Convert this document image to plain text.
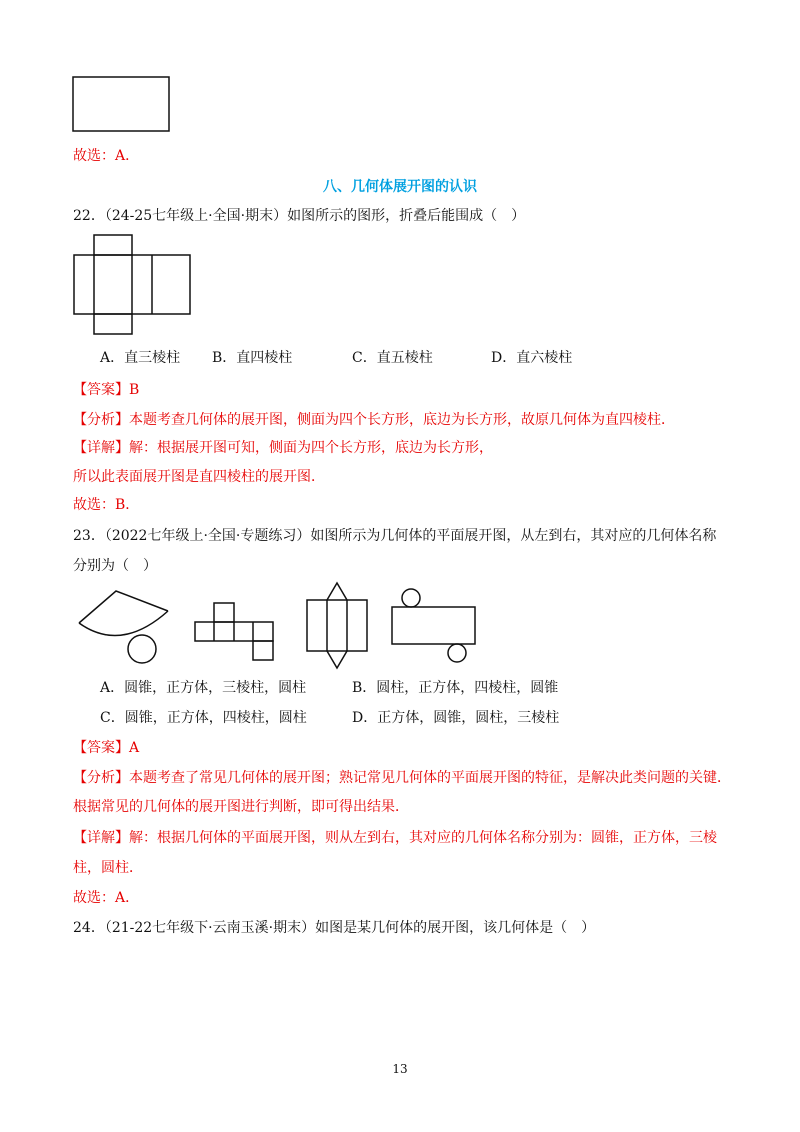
故选：A．
八、几何体展开图的认识
22．（24-25七年级上·全国·期末）如图所示的图形，折叠后能围成（　）
A．直三棱柱 B．直四棱柱	C．直五棱柱	D．直六棱柱
【答案】B
【分析】本题考查几何体的展开图，侧面为四个长方形，底边为长方形，故原几何体为直四棱柱．
【详解】解：根据展开图可知，侧面为四个长方形，底边为长方形，
所以此表面展开图是直四棱柱的展开图．
故选：B．
23．（2022七年级上·全国·专题练习）如图所示为几何体的平面展开图，从左到右，其对应的几何体名称
分别为（　）
A．圆锥，正方体，三棱柱，圆柱	B．圆柱，正方体，四棱柱，圆锥
C．圆锥，正方体，四棱柱，圆柱	D．正方体，圆锥，圆柱，三棱柱
【答案】A
【分析】本题考查了常见几何体的展开图；熟记常见几何体的平面展开图的特征，是解决此类问题的关键．
根据常见的几何体的展开图进行判断，即可得出结果．
【详解】解：根据几何体的平面展开图，则从左到右，其对应的几何体名称分别为：圆锥，正方体，三棱
柱，圆柱．
故选：A．
24．（21-22七年级下·云南玉溪·期末）如图是某几何体的展开图，该几何体是（　）
13
